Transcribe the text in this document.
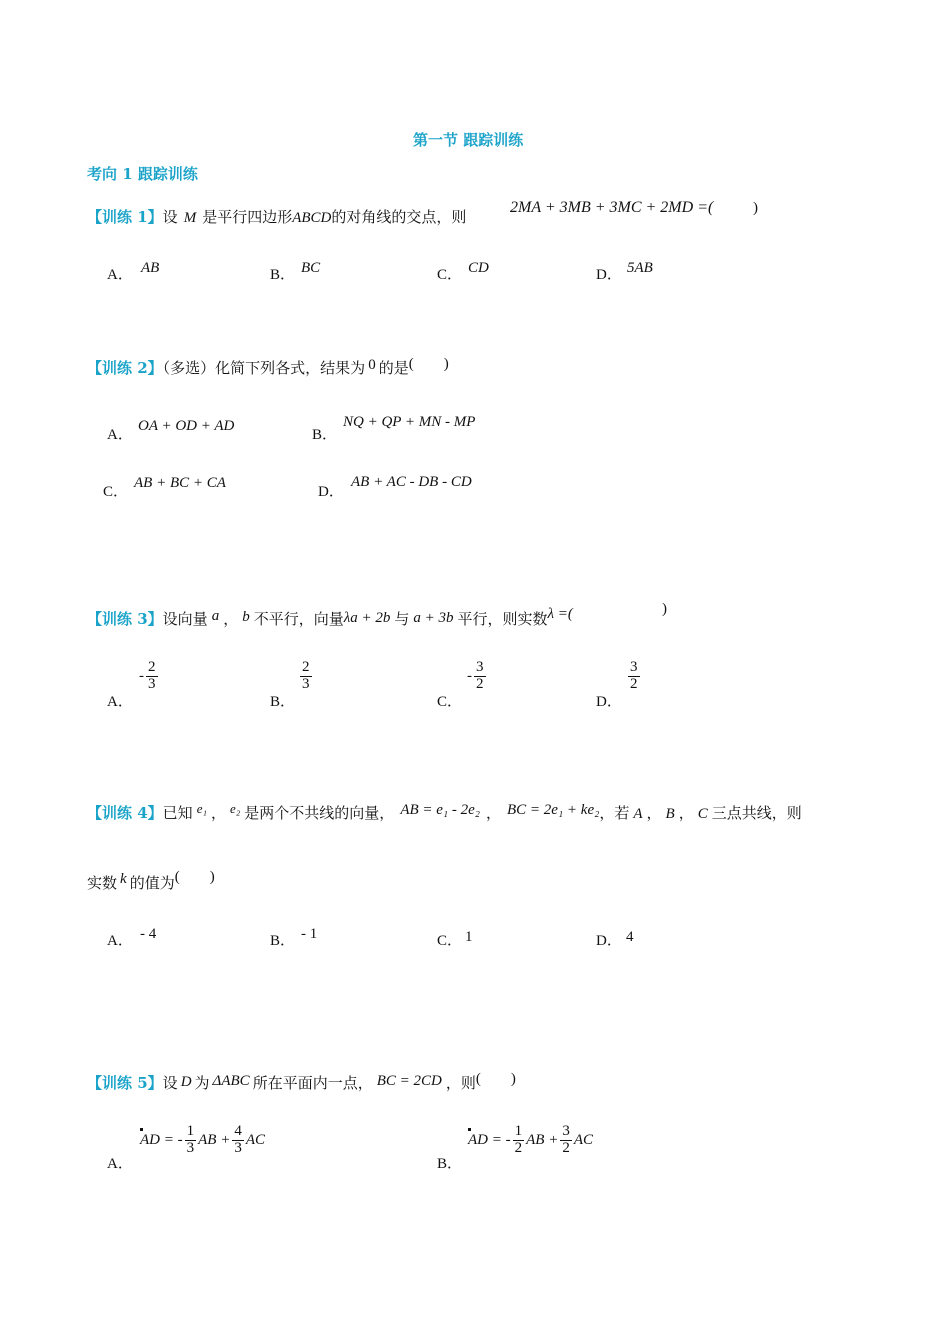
第一节 跟踪训练
考向 1 跟踪训练
【训练 1】设 M 是平行四边形ABCD的对角线的交点，则
2MA + 3MB + 3MC + 2MD =(	)
A． AB	B． BC	C． CD	D． 5AB
【训练 2】（多选）化简下列各式，结果为 0 的是(        )
A．
OA + OD + AD
B．
NQ + QP + MN - MP
C．
AB + BC + CA
D．
AB + AC - DB - CD
【训练 3】设向量 a ， b 不平行，向量λa + 2b 与 a + 3b 平行，则实数λ =(	)
A．
- $\frac{2}{3}$
B．
$\frac{2}{3}$
C．
- $\frac{3}{2}$
D．
$\frac{3}{2}$
【训练 4】已知 e₁ ， e₂ 是两个不共线的向量， AB = e₁ - 2e₂ ， BC = 2e₁ + ke₂，若 A ， B ， C 三点共线，则
实数 k 的值为(        )
A． - 4	B． - 1	C． 1	D． 4
【训练 5】设 D 为 ΔABC 所在平面内一点， BC = 2CD ，则(        )
A．
AD = - $\frac{1}{3}$ AB + $\frac{4}{3}$ AC
B．
AD = - $\frac{1}{2}$ AB + $\frac{3}{2}$ AC
